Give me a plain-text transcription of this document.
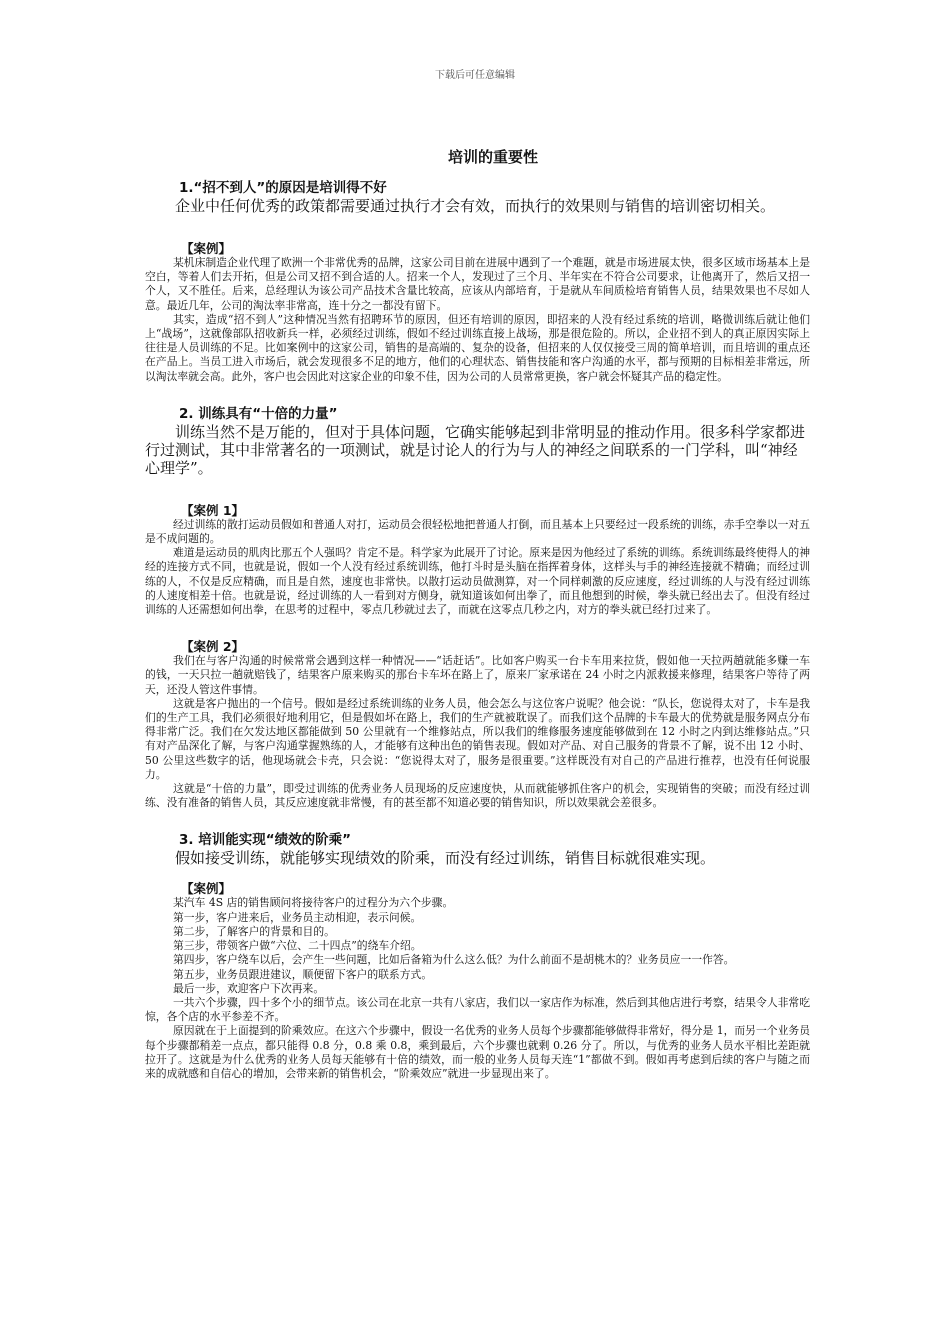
下载后可任意编辑
培训的重要性

1.“招不到人”的原因是培训得不好

企业中任何优秀的政策都需要通过执行才会有效，而执行的效果则与销售的培训密切相关。

【案例】

某机床制造企业代理了欧洲一个非常优秀的品牌，这家公司目前在进展中遇到了一个难题，就是市场进展太快，很多区域市场基本上是空白，等着人们去开拓，但是公司又招不到合适的人。招来一个人，发现过了三个月、半年实在不符合公司要求，让他离开了，然后又招一个人，又不胜任。后来，总经理认为该公司产品技术含量比较高，应该从内部培育，于是就从车间质检培育销售人员，结果效果也不尽如人意。最近几年，公司的淘汰率非常高，连十分之一都没有留下。

其实，造成“招不到人”这种情况当然有招聘环节的原因，但还有培训的原因，即招来的人没有经过系统的培训，略微训练后就让他们上“战场”，这就像部队招收新兵一样，必须经过训练，假如不经过训练直接上战场，那是很危险的。所以，企业招不到人的真正原因实际上往往是人员训练的不足。比如案例中的这家公司，销售的是高端的、复杂的设备，但招来的人仅仅接受三周的简单培训，而且培训的重点还在产品上。当员工进入市场后，就会发现很多不足的地方，他们的心理状态、销售技能和客户沟通的水平，都与预期的目标相差非常远，所以淘汰率就会高。此外，客户也会因此对这家企业的印象不佳，因为公司的人员常常更换，客户就会怀疑其产品的稳定性。

2. 训练具有“十倍的力量”

训练当然不是万能的，但对于具体问题，它确实能够起到非常明显的推动作用。很多科学家都进行过测试，其中非常著名的一项测试，就是讨论人的行为与人的神经之间联系的一门学科，叫“神经心理学”。

【案例 1】

经过训练的散打运动员假如和普通人对打，运动员会很轻松地把普通人打倒，而且基本上只要经过一段系统的训练，赤手空拳以一对五是不成问题的。

难道是运动员的肌肉比那五个人强吗？肯定不是。科学家为此展开了讨论。原来是因为他经过了系统的训练。系统训练最终使得人的神经的连接方式不同，也就是说，假如一个人没有经过系统训练，他打斗时是头脑在指挥着身体，这样头与手的神经连接就不精确；而经过训练的人，不仅是反应精确，而且是自然，速度也非常快。以散打运动员做测算，对一个同样刺激的反应速度，经过训练的人与没有经过训练的人速度相差十倍。也就是说，经过训练的人一看到对方侧身，就知道该如何出拳了，而且他想到的时候，拳头就已经出去了。但没有经过训练的人还需想如何出拳，在思考的过程中，零点几秒就过去了，而就在这零点几秒之内，对方的拳头就已经打过来了。

【案例 2】

我们在与客户沟通的时候常常会遇到这样一种情况——“话赶话”。比如客户购买一台卡车用来拉货，假如他一天拉两趟就能多赚一车的钱，一天只拉一趟就赔钱了，结果客户原来购买的那台卡车坏在路上了，原来厂家承诺在 24 小时之内派救援来修理，结果客户等待了两天，还没人管这件事情。

这就是客户抛出的一个信号。假如是经过系统训练的业务人员，他会怎么与这位客户说呢？他会说：“队长，您说得太对了，卡车是我们的生产工具，我们必须很好地利用它，但是假如坏在路上，我们的生产就被耽误了。而我们这个品牌的卡车最大的优势就是服务网点分布得非常广泛。我们在欠发达地区都能做到 50 公里就有一个维修站点，所以我们的维修服务速度能够做到在 12 小时之内到达维修站点。”只有对产品深化了解，与客户沟通掌握熟练的人，才能够有这种出色的销售表现。假如对产品、对自己服务的背景不了解，说不出 12 小时、50 公里这些数字的话，他现场就会卡壳，只会说：“您说得太对了，服务是很重要。”这样既没有对自己的产品进行推荐，也没有任何说服力。

这就是“十倍的力量”，即受过训练的优秀业务人员现场的反应速度快，从而就能够抓住客户的机会，实现销售的突破；而没有经过训练、没有准备的销售人员，其反应速度就非常慢，有的甚至都不知道必要的销售知识，所以效果就会差很多。

3. 培训能实现“绩效的阶乘”

假如接受训练，就能够实现绩效的阶乘，而没有经过训练，销售目标就很难实现。

【案例】

某汽车 4S 店的销售顾问将接待客户的过程分为六个步骤。

第一步，客户进来后，业务员主动相迎，表示问候。

第二步，了解客户的背景和目的。

第三步，带领客户做“六位、二十四点”的绕车介绍。

第四步，客户绕车以后，会产生一些问题，比如后备箱为什么这么低？为什么前面不是胡桃木的？业务员应一一作答。

第五步，业务员跟进建议，顺便留下客户的联系方式。

最后一步，欢迎客户下次再来。

一共六个步骤，四十多个小的细节点。该公司在北京一共有八家店，我们以一家店作为标准，然后到其他店进行考察，结果令人非常吃惊，各个店的水平参差不齐。

原因就在于上面提到的阶乘效应。在这六个步骤中，假设一名优秀的业务人员每个步骤都能够做得非常好，得分是 1，而另一个业务员每个步骤都稍差一点点，都只能得 0.8 分，0.8 乘 0.8，乘到最后，六个步骤也就剩 0.26 分了。所以，与优秀的业务人员水平相比差距就拉开了。这就是为什么优秀的业务人员每天能够有十倍的绩效，而一般的业务人员每天连“1”都做不到。假如再考虑到后续的客户与随之而来的成就感和自信心的增加，会带来新的销售机会，“阶乘效应”就进一步显现出来了。
